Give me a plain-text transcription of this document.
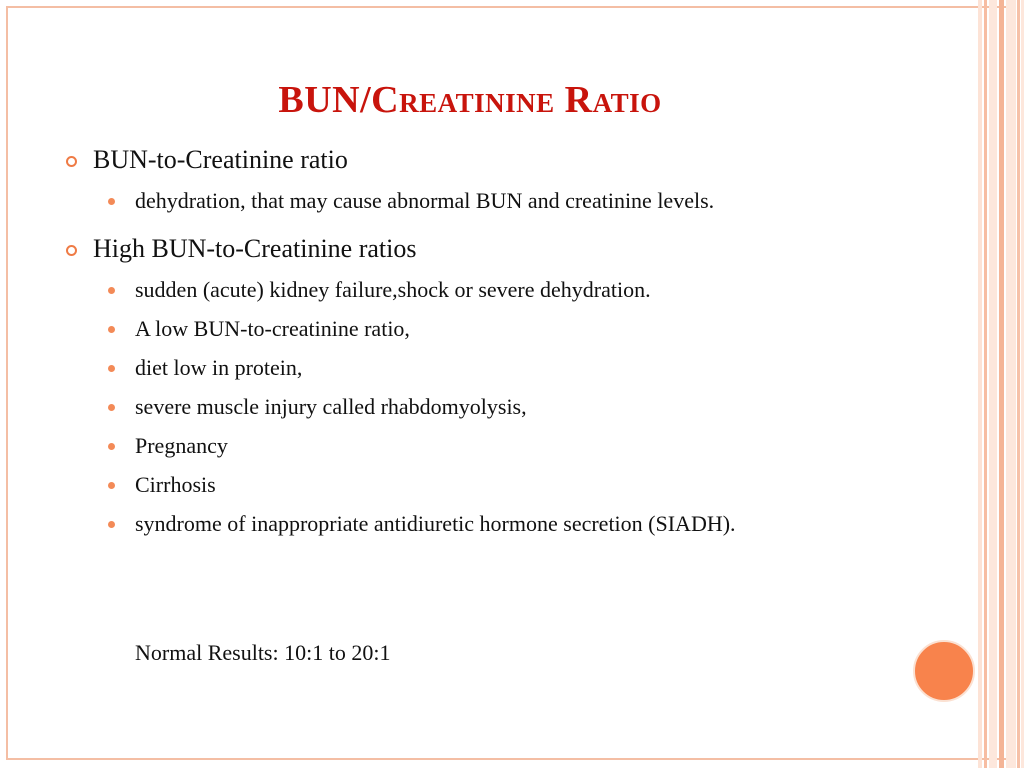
BUN/Creatinine Ratio
BUN-to-Creatinine ratio
dehydration, that may cause abnormal BUN and creatinine levels.
High BUN-to-Creatinine ratios
sudden (acute) kidney failure,shock or severe dehydration.
A low BUN-to-creatinine ratio,
diet low in protein,
severe muscle injury called rhabdomyolysis,
Pregnancy
Cirrhosis
syndrome of inappropriate antidiuretic hormone secretion (SIADH).
Normal Results: 10:1 to 20:1
